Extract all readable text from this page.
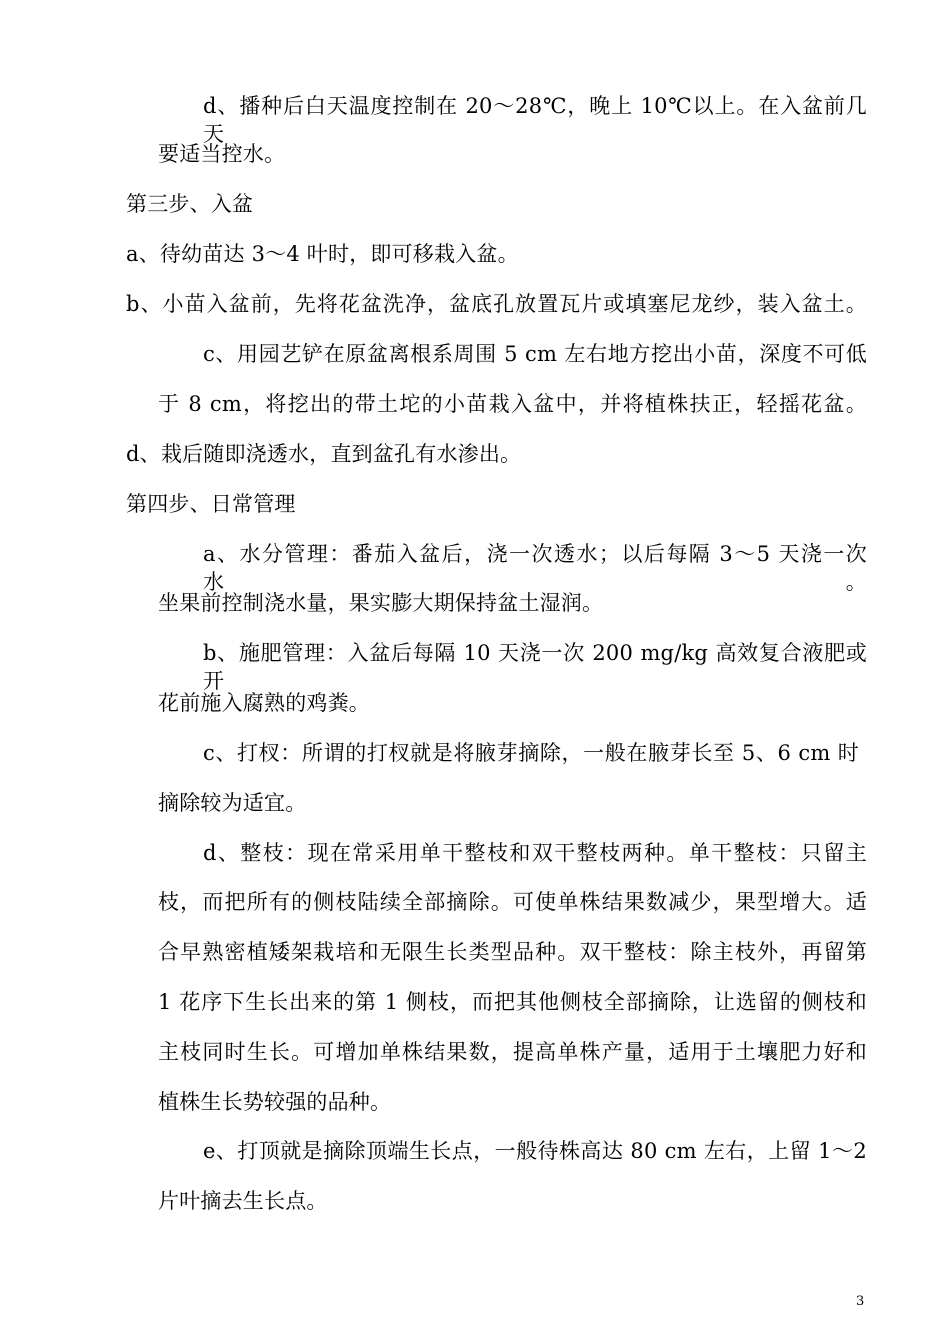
d、播种后白天温度控制在 20～28℃，晚上 10℃以上。在入盆前几天
要适当控水。
第三步、入盆
a、待幼苗达 3～4 叶时，即可移栽入盆。
b、小苗入盆前，先将花盆洗净，盆底孔放置瓦片或填塞尼龙纱，装入盆土。
c、用园艺铲在原盆离根系周围 5 cm 左右地方挖出小苗，深度不可低
于 8 cm，将挖出的带土坨的小苗栽入盆中，并将植株扶正，轻摇花盆。
d、栽后随即浇透水，直到盆孔有水渗出。
第四步、日常管理
a、水分管理：番茄入盆后，浇一次透水；以后每隔 3～5 天浇一次水。
坐果前控制浇水量，果实膨大期保持盆土湿润。
b、施肥管理：入盆后每隔 10 天浇一次 200 mg/kg 高效复合液肥或开
花前施入腐熟的鸡粪。
c、打杈：所谓的打杈就是将腋芽摘除，一般在腋芽长至 5、6 cm 时
摘除较为适宜。
d、整枝：现在常采用单干整枝和双干整枝两种。单干整枝：只留主
枝，而把所有的侧枝陆续全部摘除。可使单株结果数减少，果型增大。适
合早熟密植矮架栽培和无限生长类型品种。双干整枝：除主枝外，再留第
1 花序下生长出来的第 1 侧枝，而把其他侧枝全部摘除，让选留的侧枝和
主枝同时生长。可增加单株结果数，提高单株产量，适用于土壤肥力好和
植株生长势较强的品种。
e、打顶就是摘除顶端生长点，一般待株高达 80 cm 左右，上留 1～2
片叶摘去生长点。
3
